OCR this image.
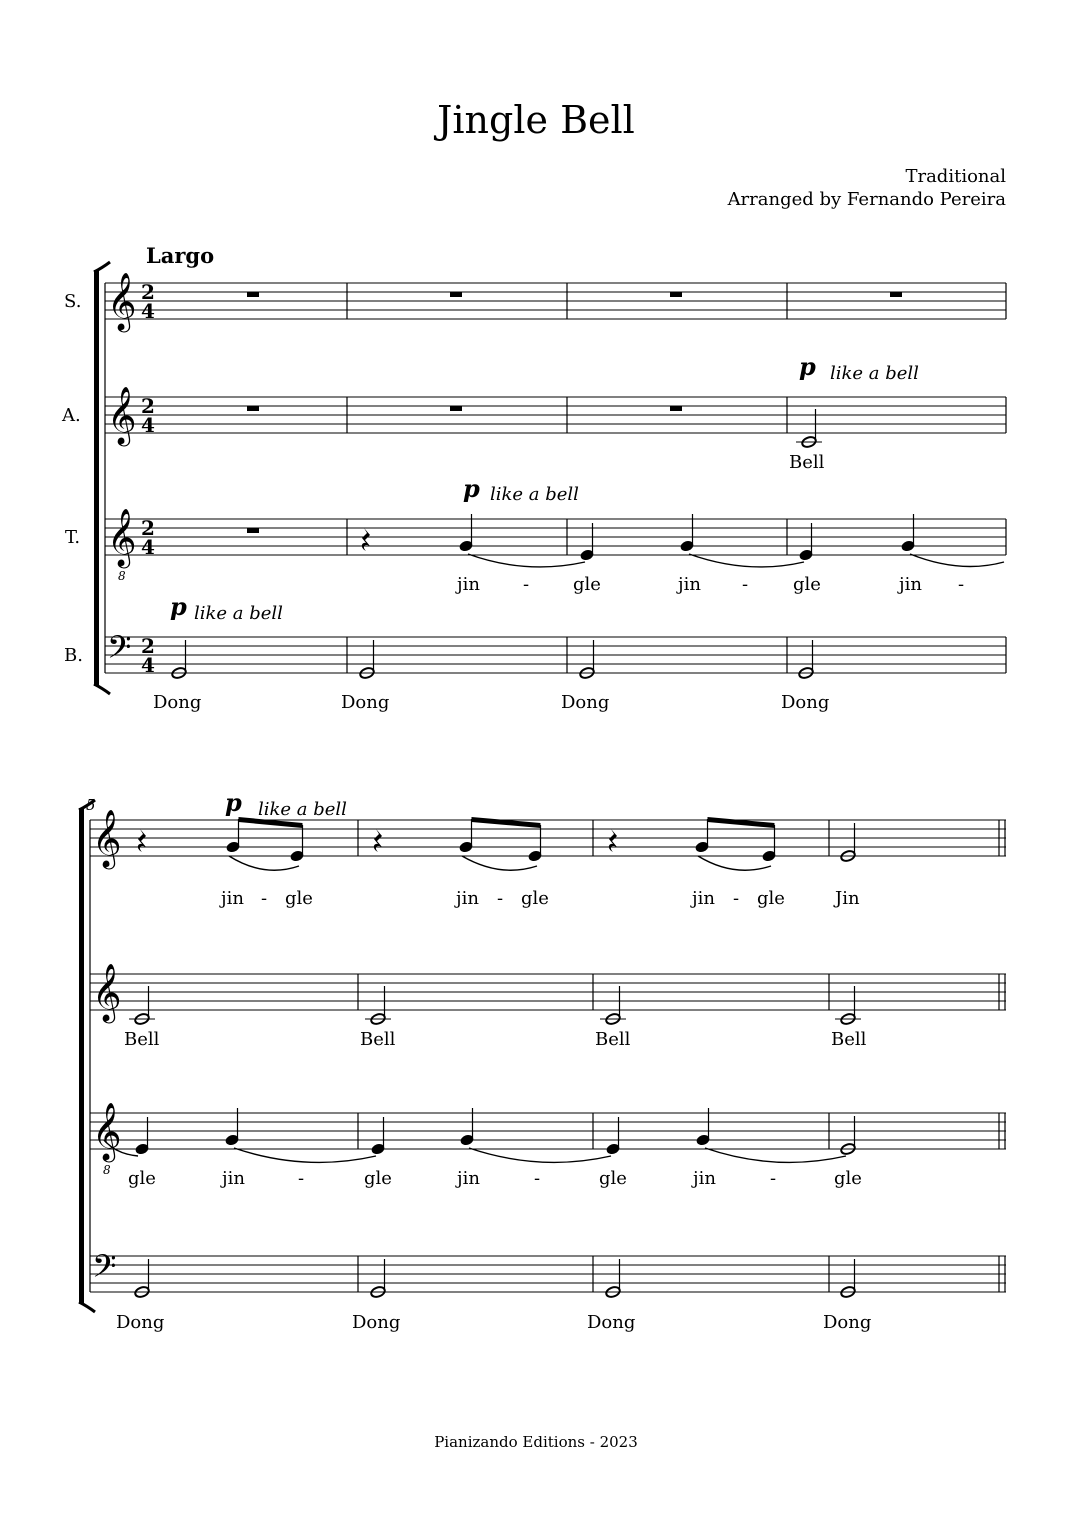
Jingle Bell
Traditional
Arranged by Fernando Pereira
Largo
S.
A.
T.
B.
𝄞
𝄞
𝄞
8
𝄢
2
4
2
4
2
4
2
4
p like a bell
p like a bell
p like a bell
Bell
jin - gle	jin - gle	jin -
Dong	Dong	Dong	Dong
5
𝄞
𝄞
𝄞
8
𝄢
p like a bell
jin - gle	jin - gle	jin - gle	Jin
Bell	Bell	Bell	Bell
gle	jin	-	gle	jin	-	gle	jin	-	gle
Dong	Dong	Dong	Dong
Pianizando Editions - 2023
